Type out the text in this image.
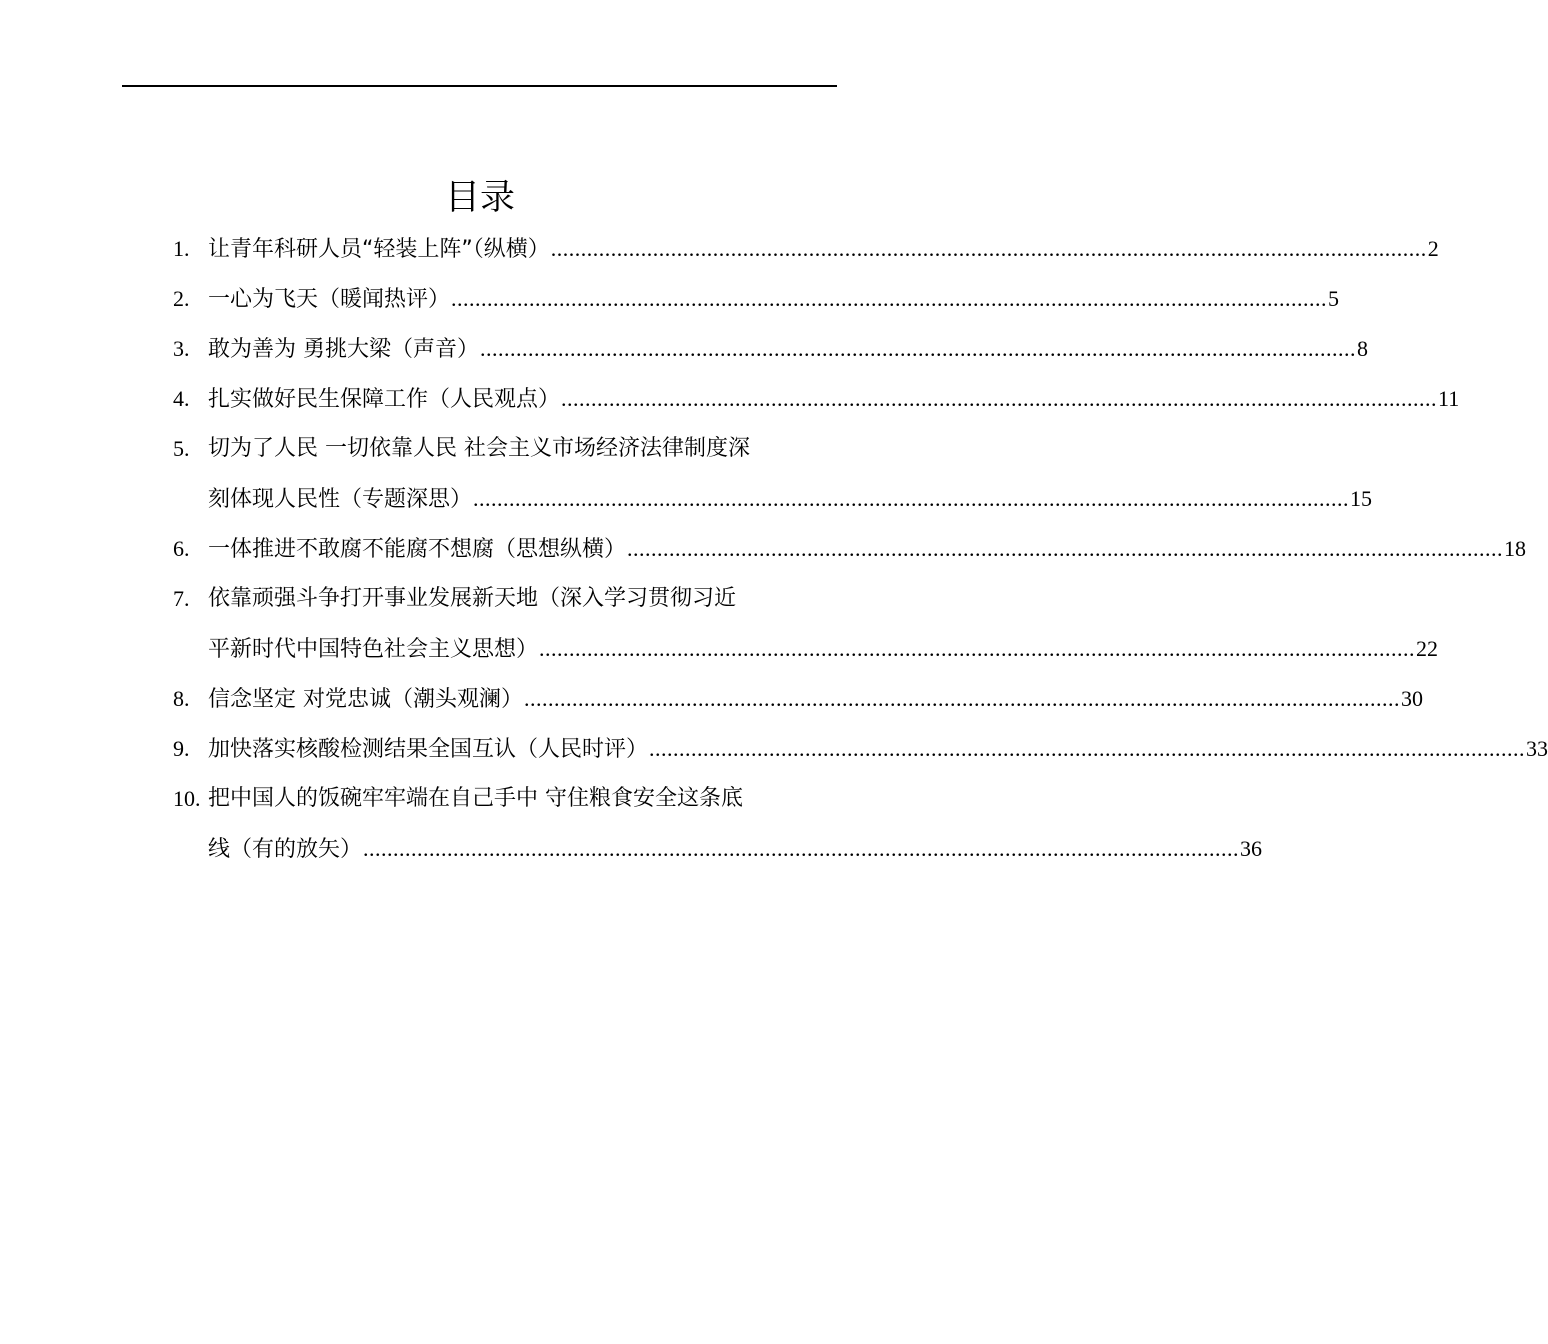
目录
1. 让青年科研人员“轻装上阵”（纵横） .................................................................................................................................................. 2
2. 一心为飞天（暖闻热评） .................................................................................................................................................. 5
3. 敢为善为 勇挑大梁（声音） .................................................................................................................................................. 8
4. 扎实做好民生保障工作（人民观点） .................................................................................................................................................. 11
5. 切为了人民 一切依靠人民 社会主义市场经济法律制度深
刻体现人民性（专题深思） .................................................................................................................................................. 15
6. 一体推进不敢腐不能腐不想腐（思想纵横） .................................................................................................................................................. 18
7. 依靠顽强斗争打开事业发展新天地（深入学习贯彻习近
平新时代中国特色社会主义思想） .................................................................................................................................................. 22
8. 信念坚定 对党忠诚（潮头观澜） .................................................................................................................................................. 30
9. 加快落实核酸检测结果全国互认（人民时评） .................................................................................................................................................. 33
10. 把中国人的饭碗牢牢端在自己手中 守住粮食安全这条底
线（有的放矢） .................................................................................................................................................. 36
